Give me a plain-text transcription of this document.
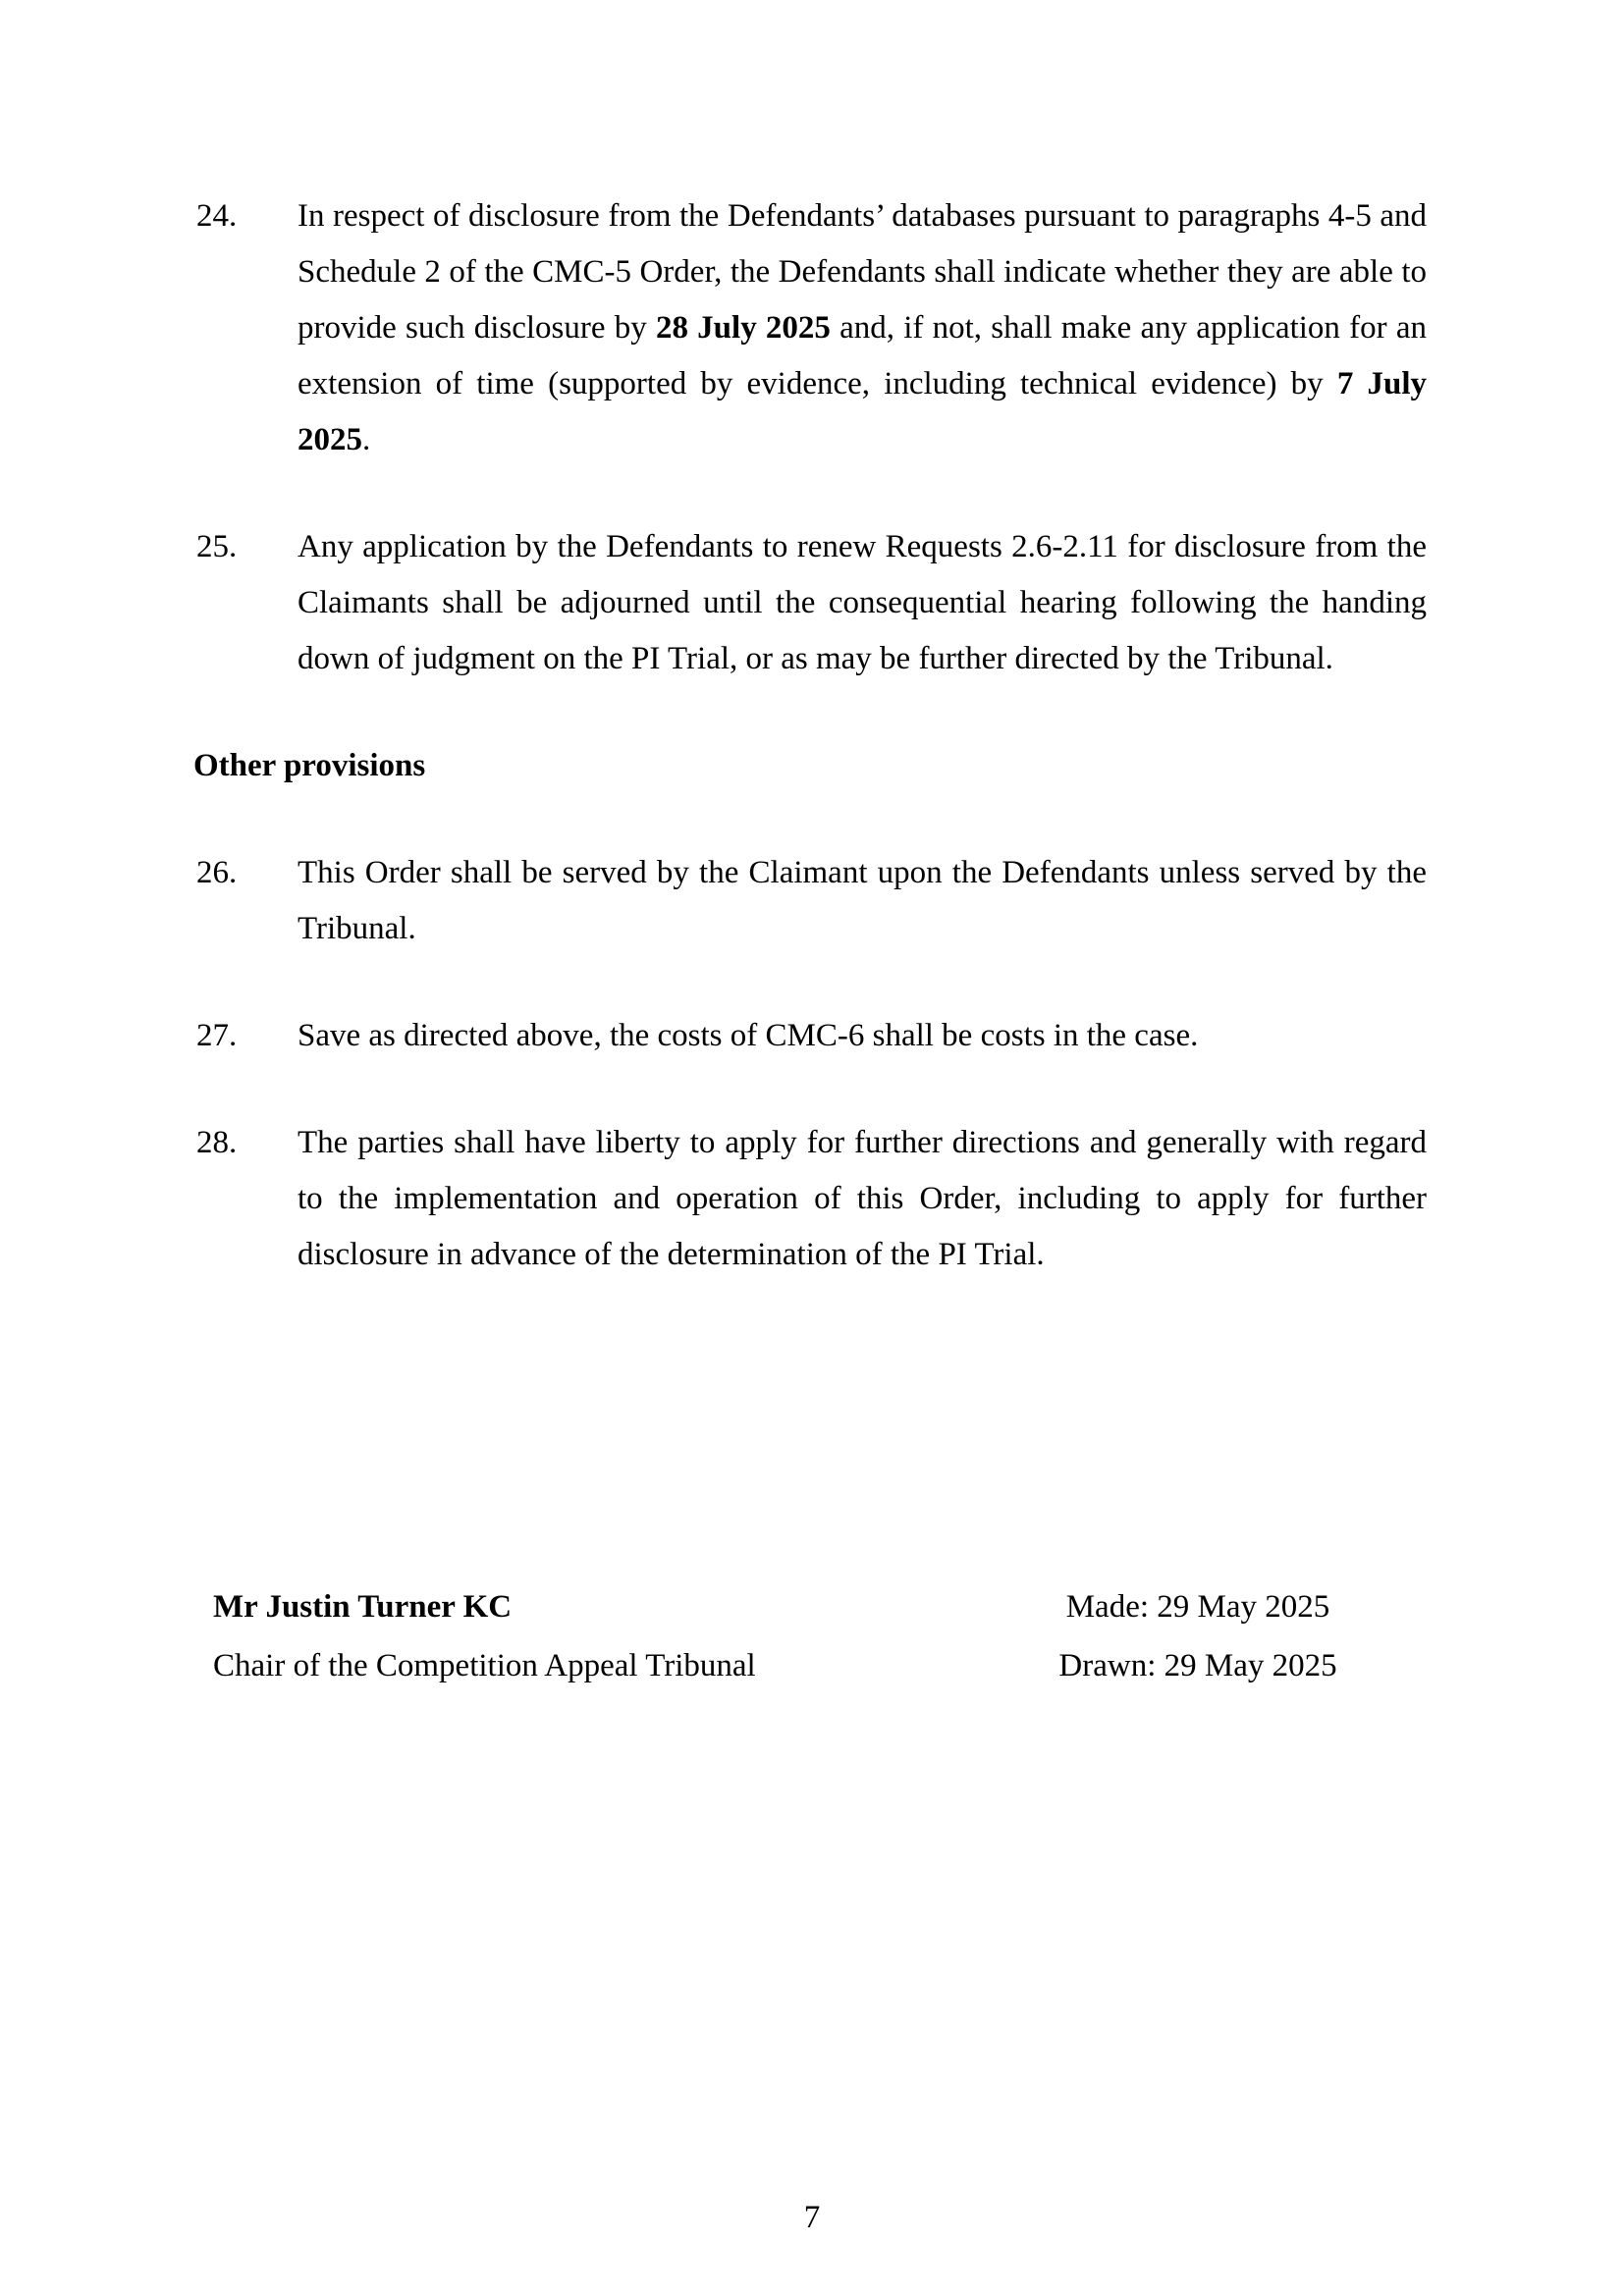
24. In respect of disclosure from the Defendants’ databases pursuant to paragraphs 4-5 and Schedule 2 of the CMC-5 Order, the Defendants shall indicate whether they are able to provide such disclosure by 28 July 2025 and, if not, shall make any application for an extension of time (supported by evidence, including technical evidence) by 7 July 2025.
25. Any application by the Defendants to renew Requests 2.6-2.11 for disclosure from the Claimants shall be adjourned until the consequential hearing following the handing down of judgment on the PI Trial, or as may be further directed by the Tribunal.
Other provisions
26. This Order shall be served by the Claimant upon the Defendants unless served by the Tribunal.
27. Save as directed above, the costs of CMC-6 shall be costs in the case.
28. The parties shall have liberty to apply for further directions and generally with regard to the implementation and operation of this Order, including to apply for further disclosure in advance of the determination of the PI Trial.
Mr Justin Turner KC
Chair of the Competition Appeal Tribunal
Made: 29 May 2025
Drawn: 29 May 2025
7
